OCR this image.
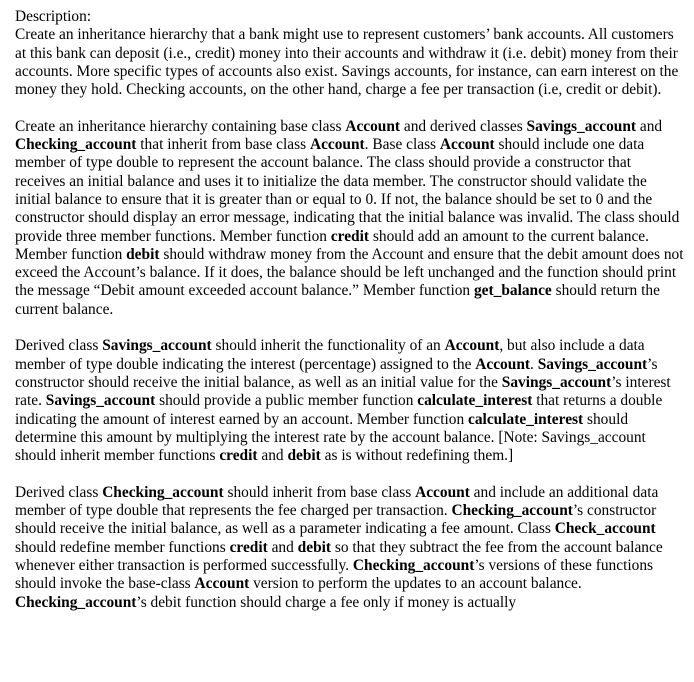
Description:

Create an inheritance hierarchy that a bank might use to represent customers’ bank accounts. All customers at this bank can deposit (i.e., credit) money into their accounts and withdraw it (i.e. debit) money from their accounts. More specific types of accounts also exist. Savings accounts, for instance, can earn interest on the money they hold. Checking accounts, on the other hand, charge a fee per transaction (i.e, credit or debit).

Create an inheritance hierarchy containing base class Account and derived classes Savings_account and Checking_account that inherit from base class Account. Base class Account should include one data member of type double to represent the account balance. The class should provide a constructor that receives an initial balance and uses it to initialize the data member. The constructor should validate the initial balance to ensure that it is greater than or equal to 0. If not, the balance should be set to 0 and the constructor should display an error message, indicating that the initial balance was invalid. The class should provide three member functions. Member function credit should add an amount to the current balance. Member function debit should withdraw money from the Account and ensure that the debit amount does not exceed the Account’s balance. If it does, the balance should be left unchanged and the function should print the message “Debit amount exceeded account balance.” Member function get_balance should return the current balance.

Derived class Savings_account should inherit the functionality of an Account, but also include a data member of type double indicating the interest (percentage) assigned to the Account. Savings_account’s constructor should receive the initial balance, as well as an initial value for the Savings_account’s interest rate. Savings_account should provide a public member function calculate_interest that returns a double indicating the amount of interest earned by an account. Member function calculate_interest should determine this amount by multiplying the interest rate by the account balance. [Note: Savings_account should inherit member functions credit and debit as is without redefining them.]

Derived class Checking_account should inherit from base class Account and include an additional data member of type double that represents the fee charged per transaction. Checking_account’s constructor should receive the initial balance, as well as a parameter indicating a fee amount. Class Check_account should redefine member functions credit and debit so that they subtract the fee from the account balance whenever either transaction is performed successfully. Checking_account’s versions of these functions should invoke the base-class Account version to perform the updates to an account balance. Checking_account’s debit function should charge a fee only if money is actually
